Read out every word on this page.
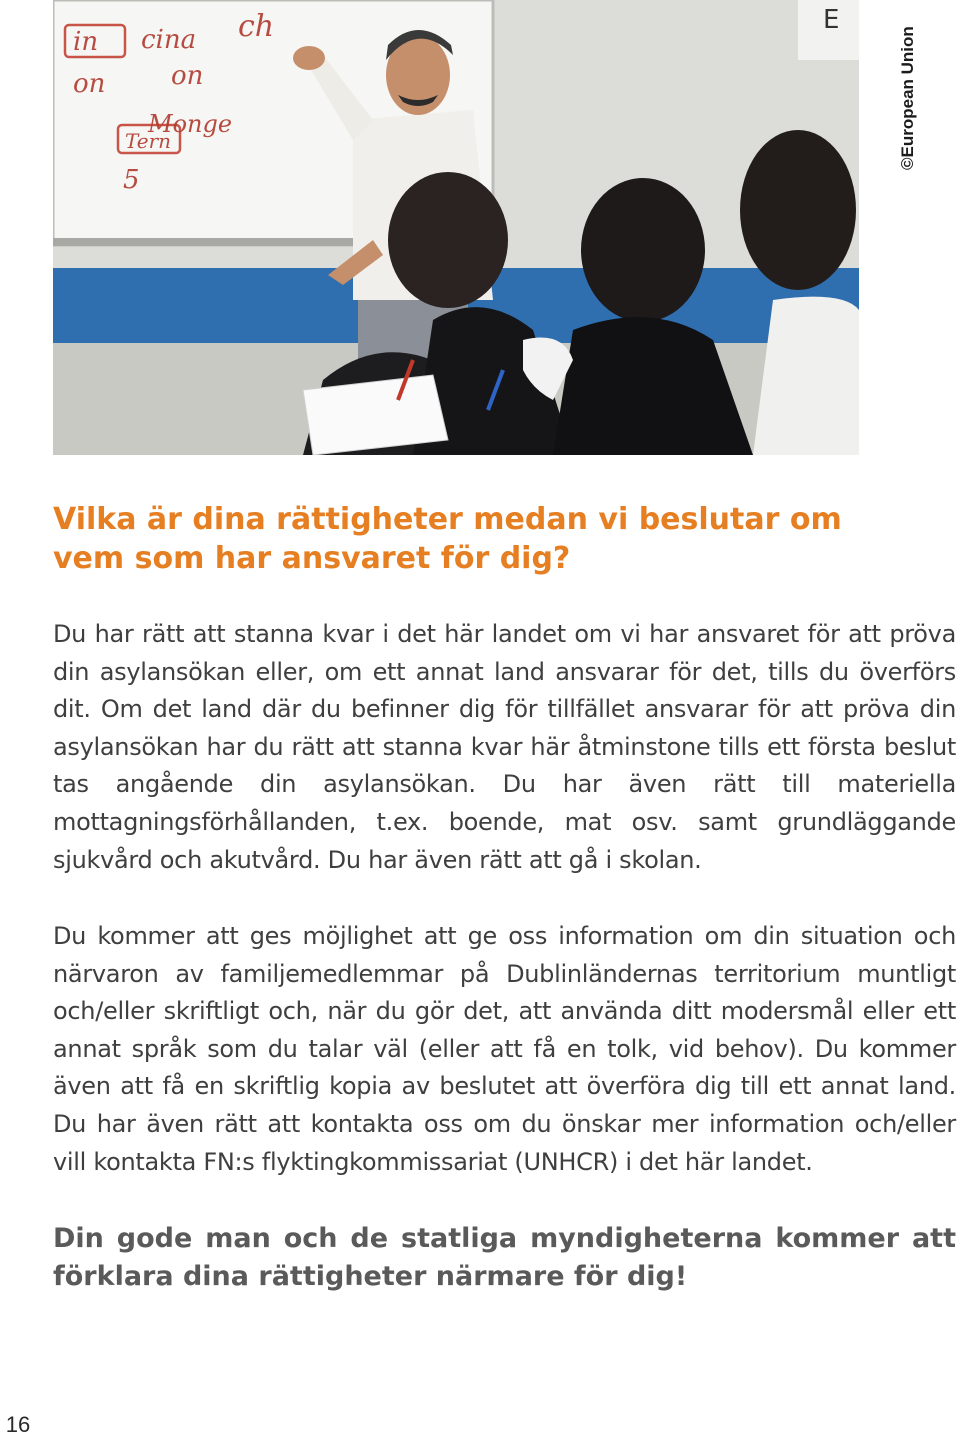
in cina ch
on	on
Monge
Tern
5
E
©European Union
Vilka är dina rättigheter medan vi beslutar om vem som har ansvaret för dig?

Du har rätt att stanna kvar i det här landet om vi har ansvaret för att pröva din asylansökan eller, om ett annat land ansvarar för det, tills du överförs dit. Om det land där du befinner dig för tillfället ansvarar för att pröva din asylansökan har du rätt att stanna kvar här åtminstone tills ett första beslut tas angående din asylansökan. Du har även rätt till materiella mottagningsförhållanden, t.ex. boende, mat osv. samt grundläggande sjukvård och akutvård. Du har även rätt att gå i skolan.

Du kommer att ges möjlighet att ge oss information om din situation och närvaron av familjemedlemmar på Dublinländernas territorium muntligt och/eller skriftligt och, när du gör det, att använda ditt modersmål eller ett annat språk som du talar väl (eller att få en tolk, vid behov). Du kommer även att få en skriftlig kopia av beslutet att överföra dig till ett annat land. Du har även rätt att kontakta oss om du önskar mer information och/eller vill kontakta FN:s flyktingkommissariat (UNHCR) i det här landet.

Din gode man och de statliga myndigheterna kommer att förklara dina rättigheter närmare för dig!

16
